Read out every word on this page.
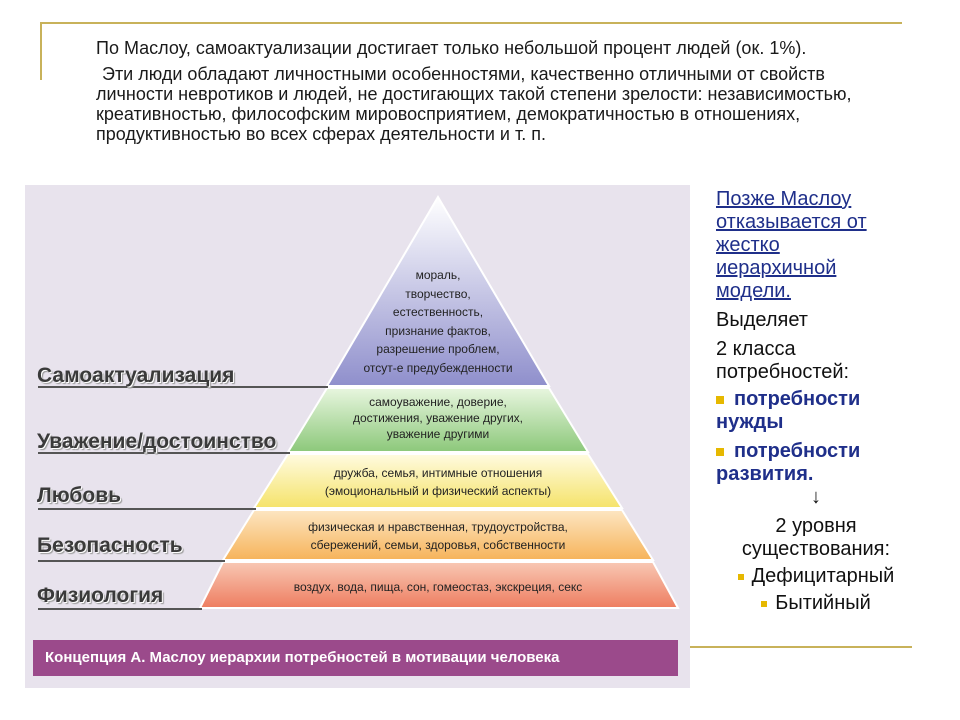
По Маслоу, самоактуализации достигает только небольшой процент людей (ок. 1%).

Эти люди обладают личностными особенностями, качественно отличными от свойств личности невротиков и людей, не достигающих такой степени зрелости: независимостью, креативностью, философским мировосприятием, демократичностью в отношениях, продуктивностью во всех сферах деятельности и т. п.

Самоактуализация
Уважение/достоинство
Любовь
Безопасность
Физиология
мораль,
творчество,
естественность,
признание фактов,
разрешение проблем,
отсут-е предубежденности
самоуважение, доверие,
достижения, уважение других,
уважение другими
дружба, семья, интимные отношения
(эмоциональный и физический аспекты)
физическая и нравственная, трудоустройства,
сбережений, семьи, здоровья, собственности
воздух, вода, пища, сон, гомеостаз, экскреция, секс
Концепция А. Маслоу иерархии потребностей в мотивации человека
Позже Маслоу
отказывается от
жестко
иерархичной
модели.
Выделяет
2 класса
потребностей:
потребности
нужды
потребности
развития.
↓
2 уровня
существования:
Дефицитарный
Бытийный
